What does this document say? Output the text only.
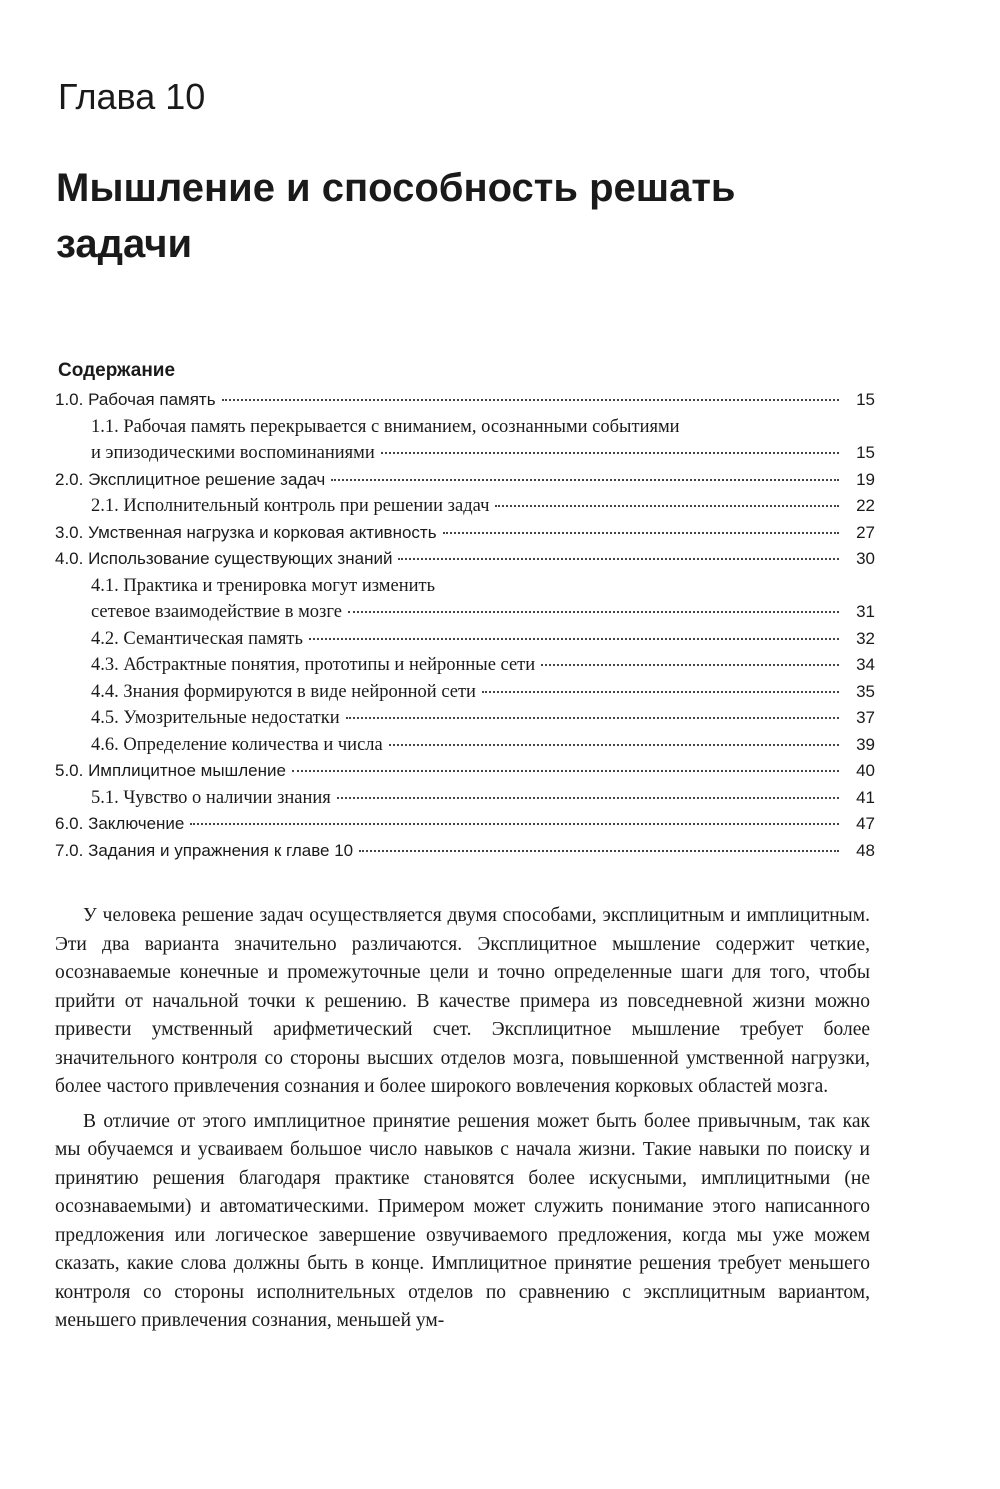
Глава 10
Мышление и способность решать задачи
Содержание
1.0. Рабочая память	15
1.1. Рабочая память перекрывается с вниманием, осознанными событиями
и эпизодическими воспоминаниями	15
2.0. Эксплицитное решение задач	19
2.1. Исполнительный контроль при решении задач	22
3.0. Умственная нагрузка и корковая активность	27
4.0. Использование существующих знаний	30
4.1. Практика и тренировка могут изменить
сетевое взаимодействие в мозге	31
4.2. Семантическая память	32
4.3. Абстрактные понятия, прототипы и нейронные сети	34
4.4. Знания формируются в виде нейронной сети	35
4.5. Умозрительные недостатки	37
4.6. Определение количества и числа	39
5.0. Имплицитное мышление	40
5.1. Чувство о наличии знания	41
6.0. Заключение	47
7.0. Задания и упражнения к главе 10	48

У человека решение задач осуществляется двумя способами, эксплицитным и имплицитным. Эти два варианта значительно различаются. Эксплицитное мышление содержит четкие, осознаваемые конечные и промежуточные цели и точно определенные шаги для того, чтобы прийти от начальной точки к решению. В качестве примера из повседневной жизни можно привести умственный арифметический счет. Эксплицитное мышление требует более значительного контроля со стороны высших отделов мозга, повышенной умственной нагрузки, более частого привлечения сознания и более широкого вовлечения корковых областей мозга.

В отличие от этого имплицитное принятие решения может быть более привычным, так как мы обучаемся и усваиваем большое число навыков с начала жизни. Такие навыки по поиску и принятию решения благодаря практике становятся более искусными, имплицитными (не осознаваемыми) и автоматическими. Примером может служить понимание этого написанного предложения или логическое завершение озвучиваемого предложения, когда мы уже можем сказать, какие слова должны быть в конце. Имплицитное принятие решения требует меньшего контроля со стороны исполнительных отделов по сравнению с эксплицитным вариантом, меньшего привлечения сознания, меньшей ум-
